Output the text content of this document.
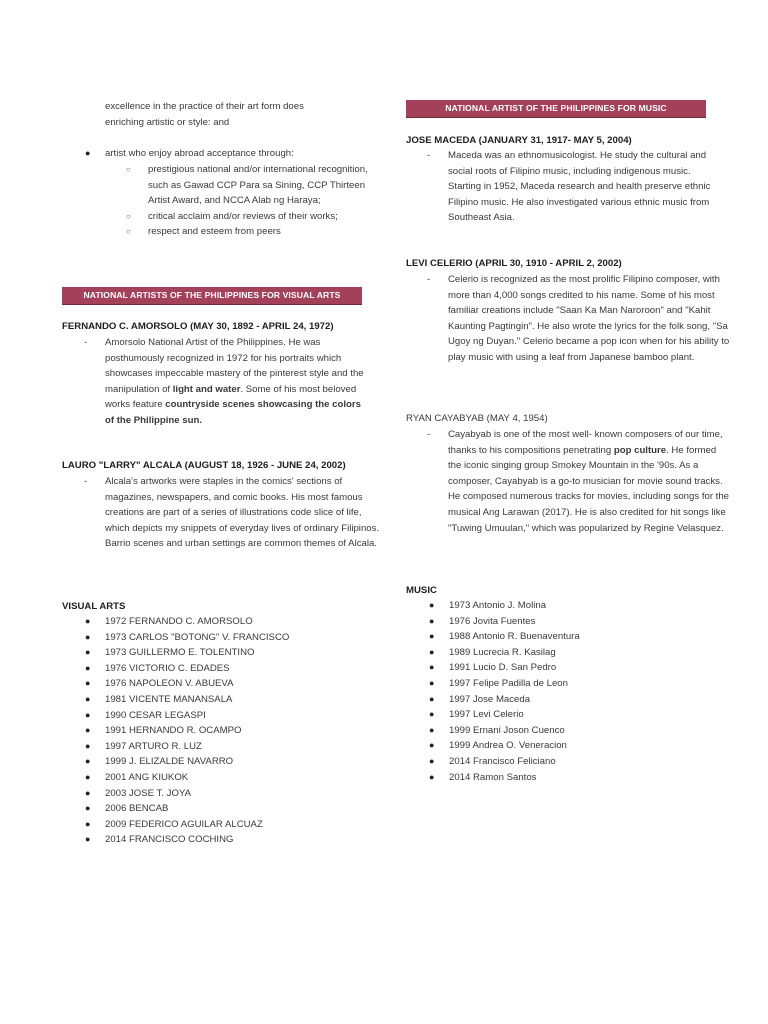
excellence in the practice of their art form does
enriching artistic or style: and
● artist who enjoy abroad acceptance through:
○ prestigious national and/or international recognition, such as Gawad CCP Para sa Sining, CCP Thirteen Artist Award, and NCCA Alab ng Haraya;
○ critical acclaim and/or reviews of their works;
○ respect and esteem from peers
NATIONAL ARTISTS OF THE PHILIPPINES FOR VISUAL ARTS
FERNANDO C. AMORSOLO (MAY 30, 1892 - APRIL 24, 1972)
- Amorsolo National Artist of the Philippines. He was posthumously recognized in 1972 for his portraits which showcases impeccable mastery of the pinterest style and the manipulation of light and water. Some of his most beloved works feature countryside scenes showcasing the colors of the Philippine sun.
LAURO "LARRY" ALCALA (AUGUST 18, 1926 - JUNE 24, 2002)
- Alcala's artworks were staples in the comics' sections of magazines, newspapers, and comic books. His most famous creations are part of a series of illustrations code slice of life, which depicts my snippets of everyday lives of ordinary Filipinos. Barrio scenes and urban settings are common themes of Alcala.
VISUAL ARTS
● 1972 FERNANDO C. AMORSOLO
● 1973 CARLOS "BOTONG" V. FRANCISCO
● 1973 GUILLERMO E. TOLENTINO
● 1976 VICTORIO C. EDADES
● 1976 NAPOLEON V. ABUEVA
● 1981 VICENTE MANANSALA
● 1990 CESAR LEGASPI
● 1991 HERNANDO R. OCAMPO
● 1997 ARTURO R. LUZ
● 1999 J. ELIZALDE NAVARRO
● 2001 ANG KIUKOK
● 2003 JOSE T. JOYA
● 2006 BENCAB
● 2009 FEDERICO AGUILAR ALCUAZ
● 2014 FRANCISCO COCHING
NATIONAL ARTIST OF THE PHILIPPINES FOR MUSIC
JOSE MACEDA (JANUARY 31, 1917- MAY 5, 2004)
- Maceda was an ethnomusicologist. He study the cultural and social roots of Filipino music, including indigenous music. Starting in 1952, Maceda research and health preserve ethnic Filipino music. He also investigated various ethnic music from Southeast Asia.
LEVI CELERIO (APRIL 30, 1910 - APRIL 2, 2002)
- Celerio is recognized as the most prolific Filipino composer, with more than 4,000 songs credited to his name. Some of his most familiar creations include "Saan Ka Man Naroroon" and "Kahit Kaunting Pagtingin". He also wrote the lyrics for the folk song, "Sa Ugoy ng Duyan." Celerio became a pop icon when for his ability to play music with using a leaf from Japanese bamboo plant.
RYAN CAYABYAB (MAY 4, 1954)
- Cayabyab is one of the most well- known composers of our time, thanks to his compositions penetrating pop culture. He formed the iconic singing group Smokey Mountain in the '90s. As a composer, Cayabyab is a go-to musician for movie sound tracks. He composed numerous tracks for movies, including songs for the musical Ang Larawan (2017). He is also credited for hit songs like "Tuwing Umuulan," which was popularized by Regine Velasquez.
MUSIC
● 1973 Antonio J. Molina
● 1976 Jovita Fuentes
● 1988 Antonio R. Buenaventura
● 1989 Lucrecia R. Kasilag
● 1991 Lucio D. San Pedro
● 1997 Felipe Padilla de Leon
● 1997 Jose Maceda
● 1997 Levi Celerio
● 1999 Ernani Joson Cuenco
● 1999 Andrea O. Veneracion
● 2014 Francisco Feliciano
● 2014 Ramon Santos
